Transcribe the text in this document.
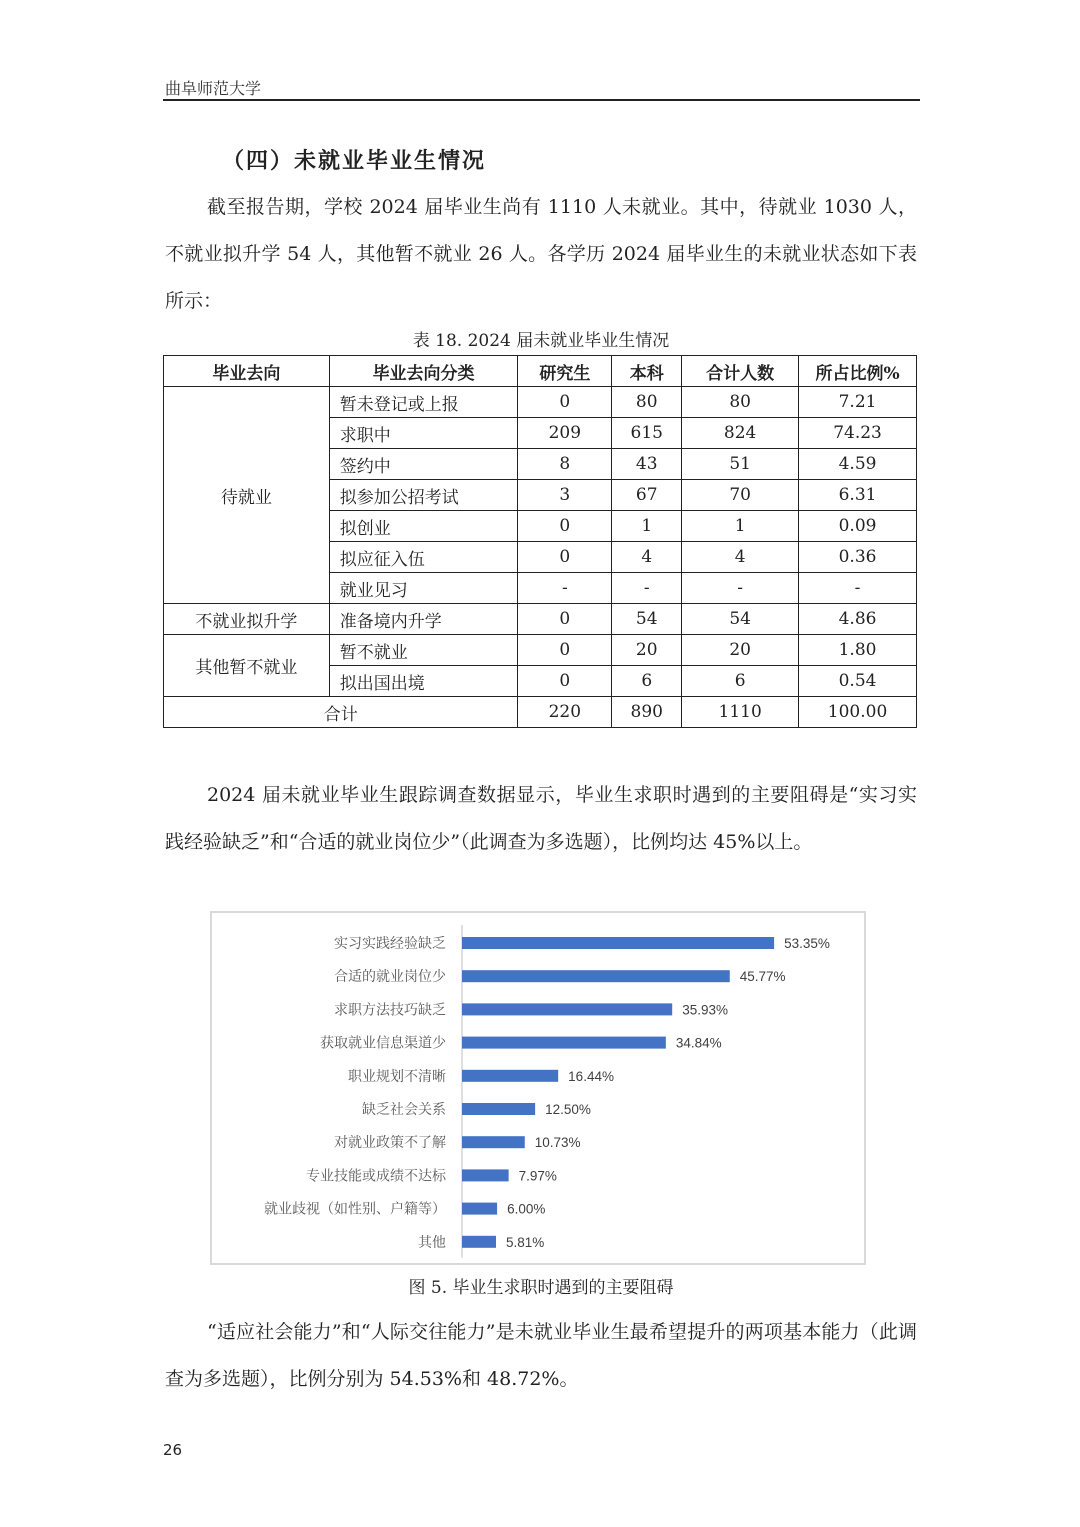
曲阜师范大学
（四）未就业毕业生情况

截至报告期，学校 2024 届毕业生尚有 1110 人未就业。其中，待就业 1030 人，不就业拟升学 54 人，其他暂不就业 26 人。各学历 2024 届毕业生的未就业状态如下表所示：

表 18. 2024 届未就业毕业生情况
毕业去向	毕业去向分类	研究生	本科	合计人数	所占比例%
待就业	暂未登记或上报	0	80	80	7.21
	求职中	209	615	824	74.23
	签约中	8	43	51	4.59
	拟参加公招考试	3	67	70	6.31
	拟创业	0	1	1	0.09
	拟应征入伍	0	4	4	0.36
	就业见习	-	-	-	-
不就业拟升学	准备境内升学	0	54	54	4.86
其他暂不就业	暂不就业	0	20	20	1.80
	拟出国出境	0	6	6	0.54
合计		220	890	1110	100.00

2024 届未就业毕业生跟踪调查数据显示，毕业生求职时遇到的主要阻碍是“实习实践经验缺乏”和“合适的就业岗位少”（此调查为多选题），比例均达 45%以上。

实习实践经验缺乏	53.35%
合适的就业岗位少	45.77%
求职方法技巧缺乏	35.93%
获取就业信息渠道少	34.84%
职业规划不清晰	16.44%
缺乏社会关系	12.50%
对就业政策不了解	10.73%
专业技能或成绩不达标	7.97%
就业歧视（如性别、户籍等）	6.00%
其他	5.81%
图 5. 毕业生求职时遇到的主要阻碍

“适应社会能力”和“人际交往能力”是未就业毕业生最希望提升的两项基本能力（此调查为多选题），比例分别为 54.53%和 48.72%。

26
